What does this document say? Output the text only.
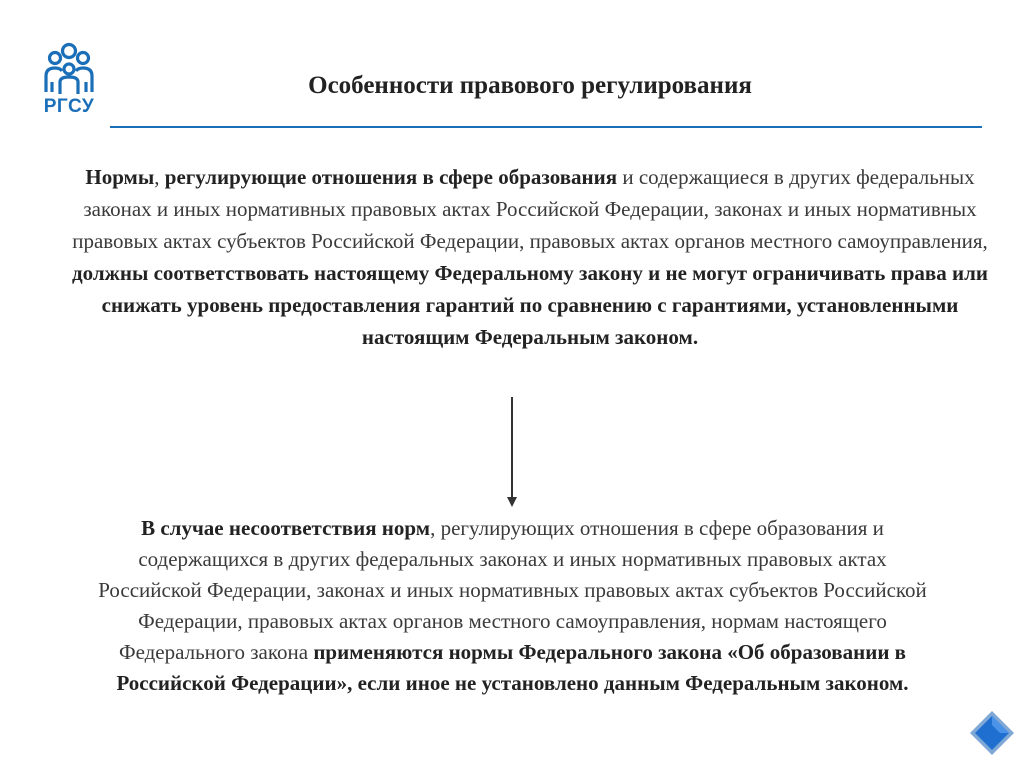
РГСУ
Особенности правового регулирования

Нормы, регулирующие отношения в сфере образования и содержащиеся в других федеральных законах и иных нормативных правовых актах Российской Федерации, законах и иных нормативных правовых актах субъектов Российской Федерации, правовых актах органов местного самоуправления, должны соответствовать настоящему Федеральному закону и не могут ограничивать права или снижать уровень предоставления гарантий по сравнению с гарантиями, установленными настоящим Федеральным законом.

В случае несоответствия норм, регулирующих отношения в сфере образования и содержащихся в других федеральных законах и иных нормативных правовых актах Российской Федерации, законах и иных нормативных правовых актах субъектов Российской Федерации, правовых актах органов местного самоуправления, нормам настоящего Федерального закона применяются нормы Федерального закона «Об образовании в Российской Федерации», если иное не установлено данным Федеральным законом.
